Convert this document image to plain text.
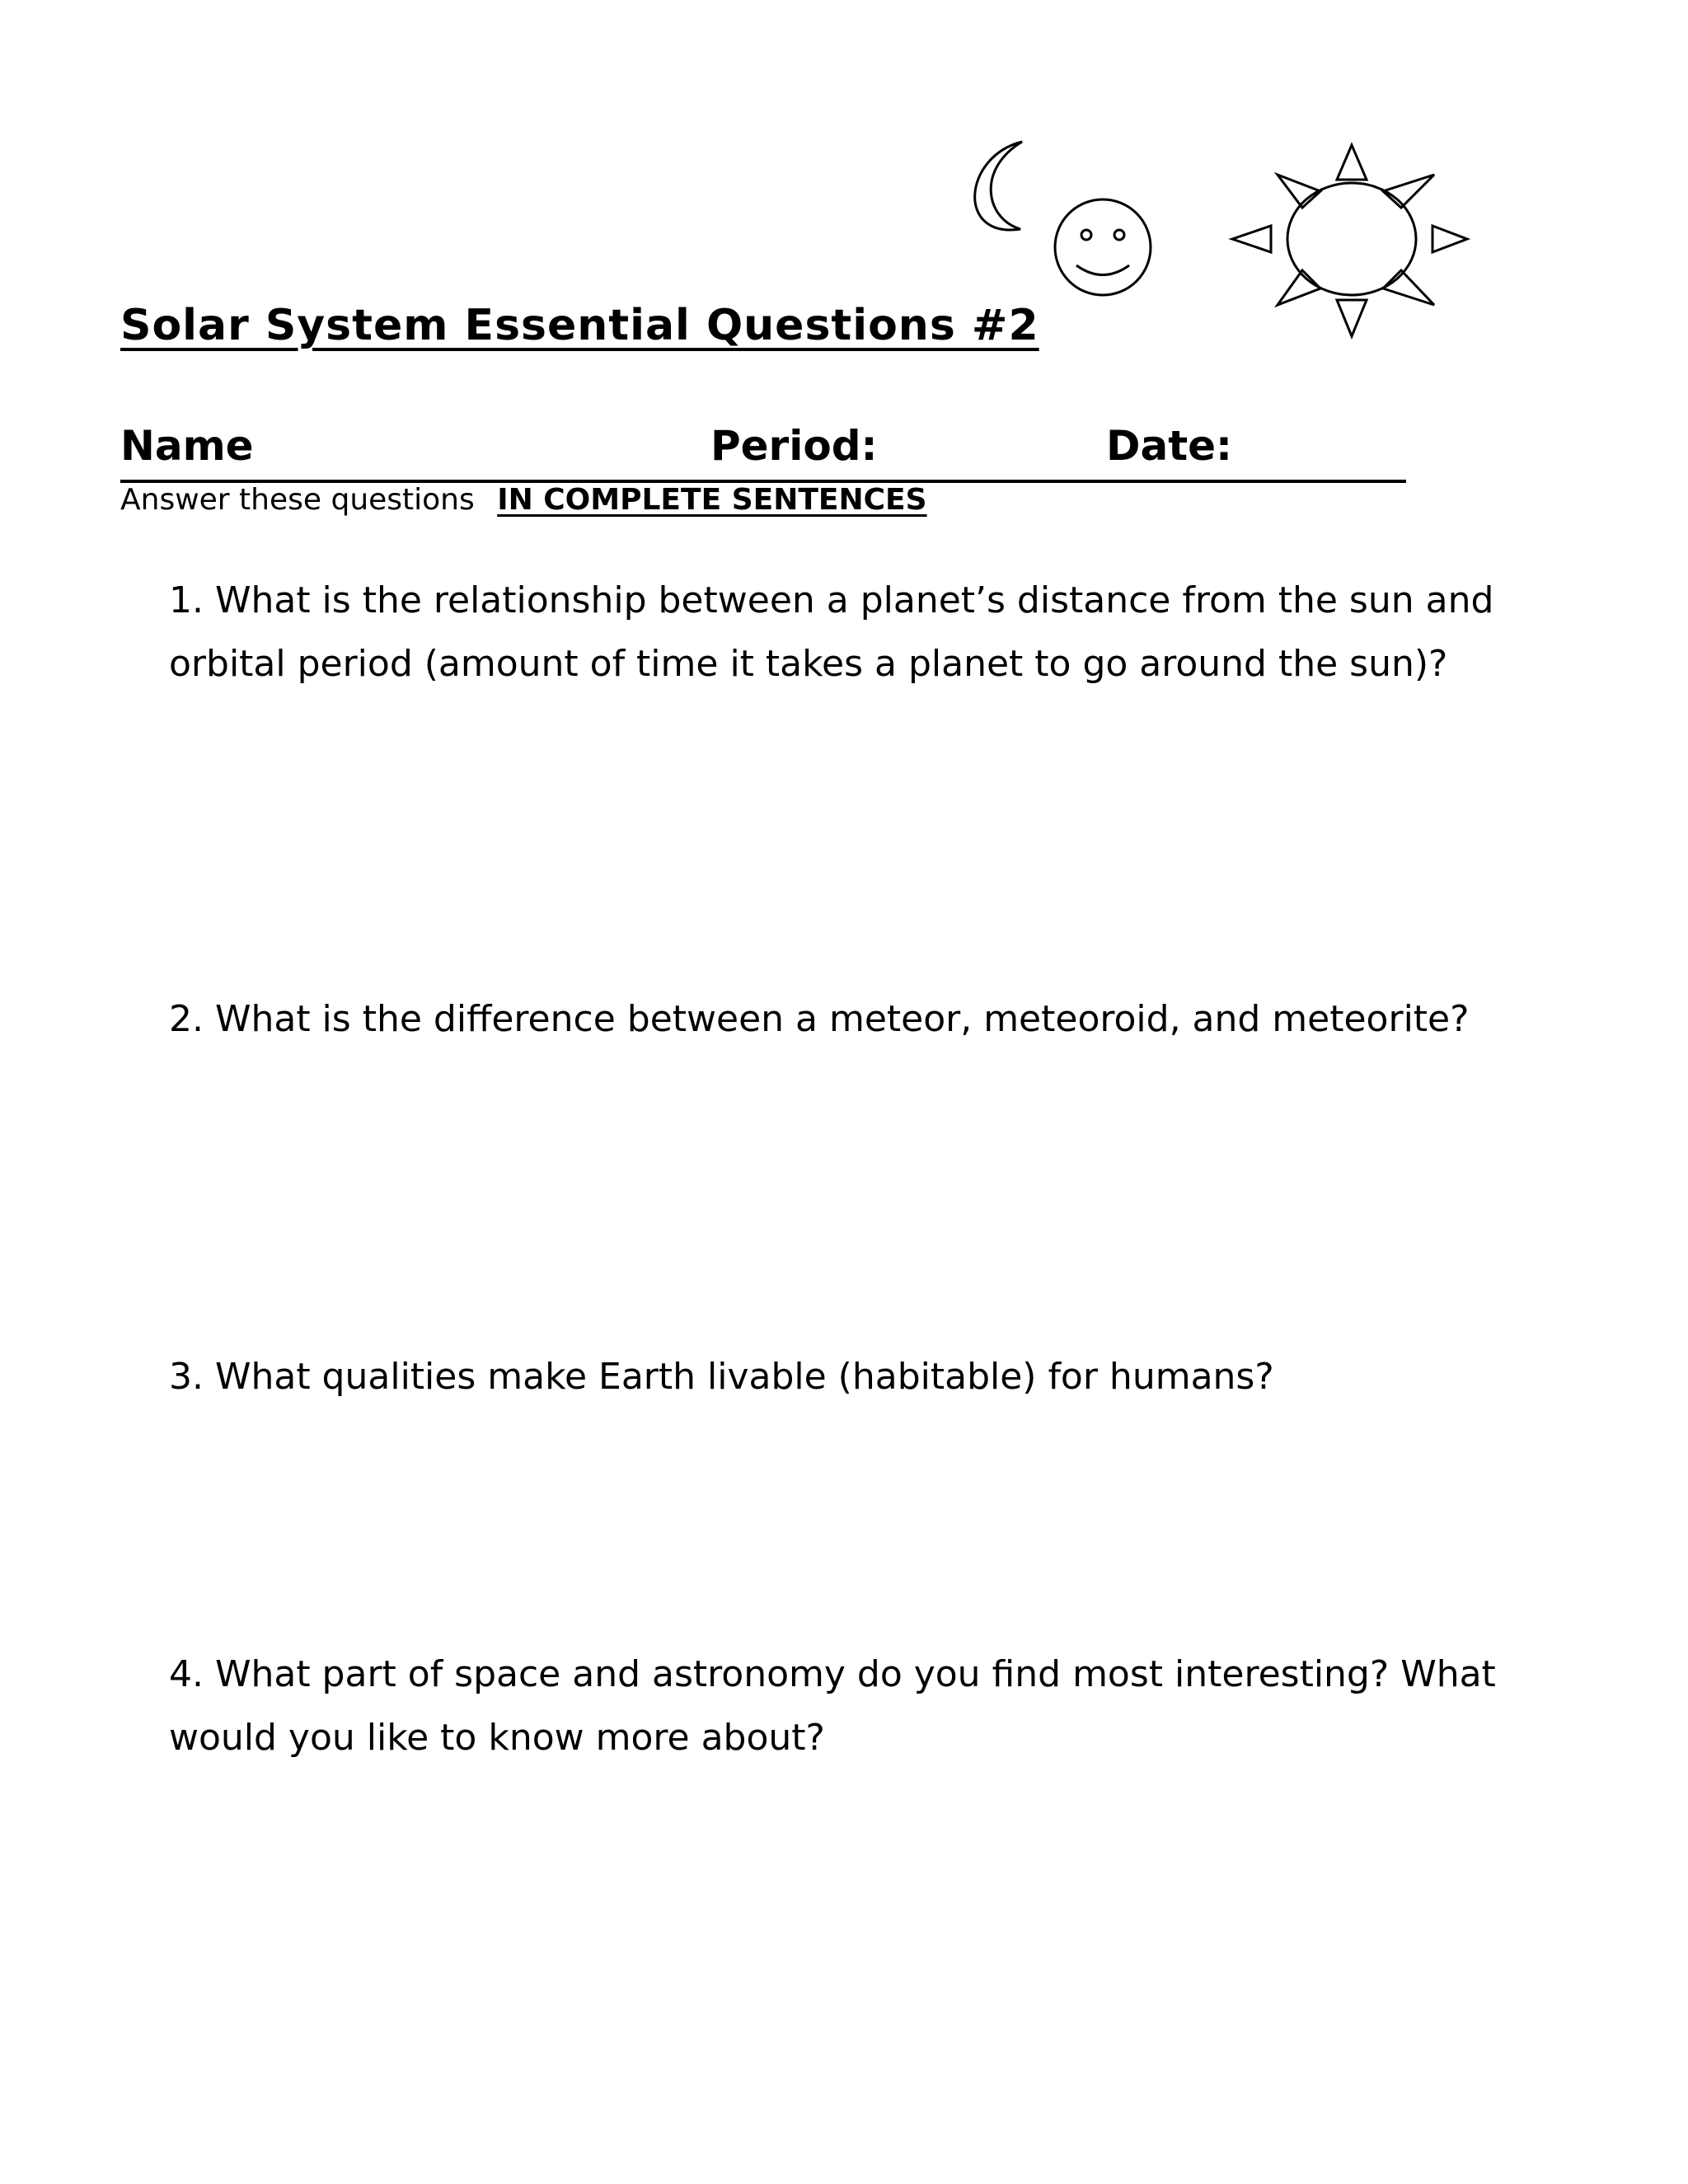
Solar System Essential Questions #2
Name	Period:	Date:
Answer these questions IN COMPLETE SENTENCES
1. What is the relationship between a planet’s distance from the sun and orbital period (amount of time it takes a planet to go around the sun)?
2. What is the difference between a meteor, meteoroid, and meteorite?
3. What qualities make Earth livable (habitable) for humans?
4. What part of space and astronomy do you find most interesting? What would you like to know more about?
